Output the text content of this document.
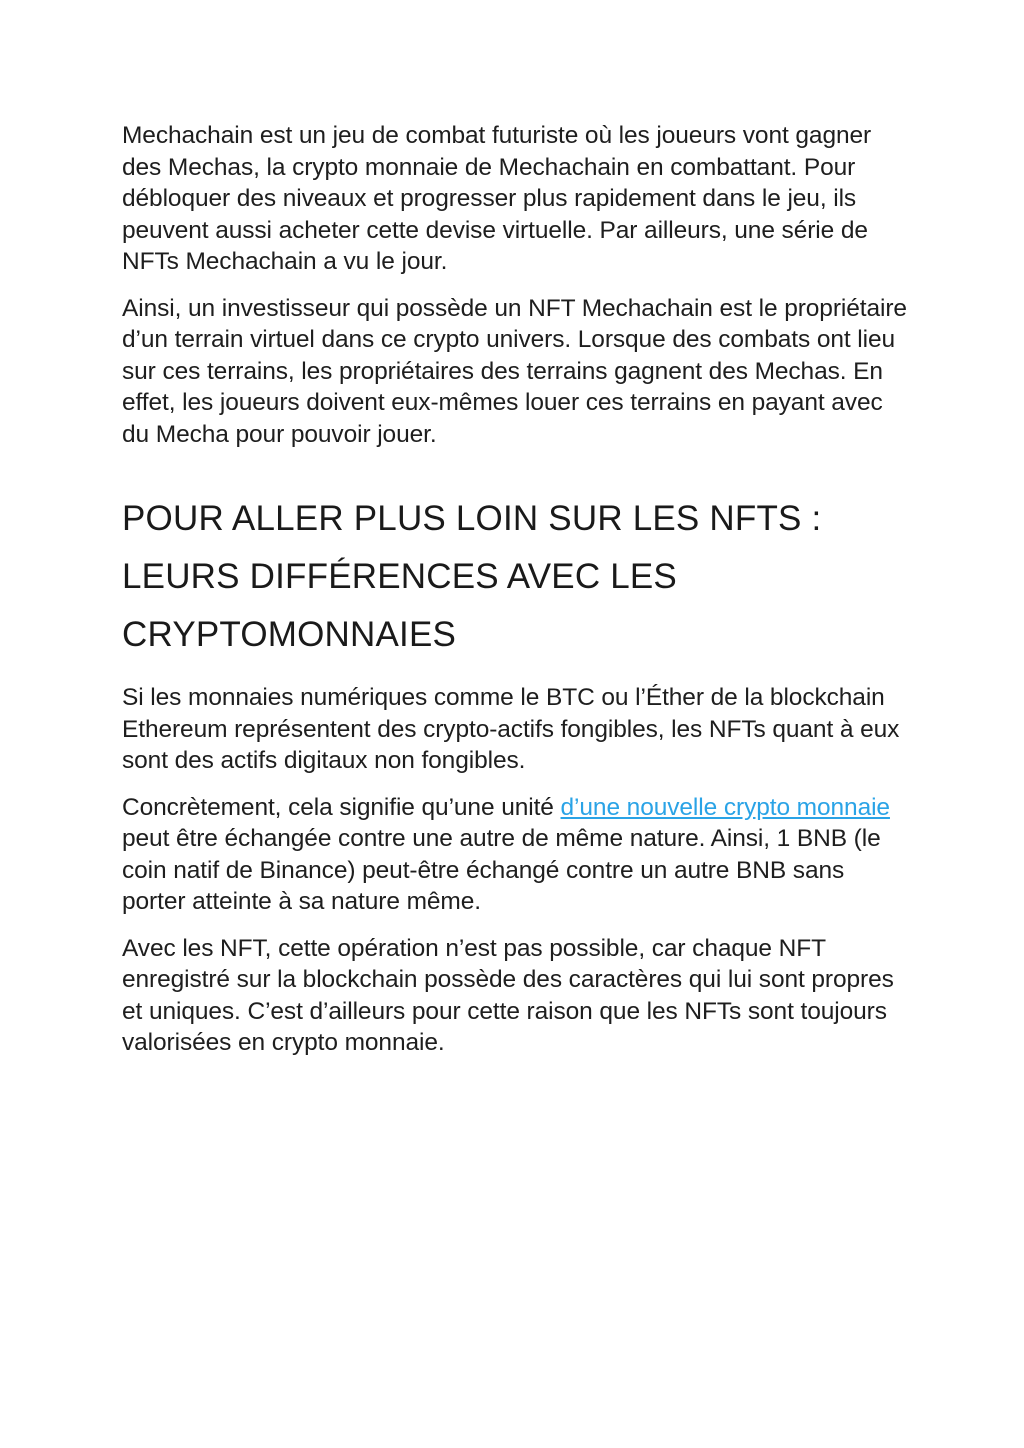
Mechachain est un jeu de combat futuriste où les joueurs vont gagner des Mechas, la crypto monnaie de Mechachain en combattant. Pour débloquer des niveaux et progresser plus rapidement dans le jeu, ils peuvent aussi acheter cette devise virtuelle. Par ailleurs, une série de NFTs Mechachain a vu le jour.

Ainsi, un investisseur qui possède un NFT Mechachain est le propriétaire d’un terrain virtuel dans ce crypto univers. Lorsque des combats ont lieu sur ces terrains, les propriétaires des terrains gagnent des Mechas. En effet, les joueurs doivent eux-mêmes louer ces terrains en payant avec du Mecha pour pouvoir jouer.

POUR ALLER PLUS LOIN SUR LES NFTS : LEURS DIFFÉRENCES AVEC LES CRYPTOMONNAIES

Si les monnaies numériques comme le BTC ou l’Éther de la blockchain Ethereum représentent des crypto-actifs fongibles, les NFTs quant à eux sont des actifs digitaux non fongibles.

Concrètement, cela signifie qu’une unité d’une nouvelle crypto monnaie peut être échangée contre une autre de même nature. Ainsi, 1 BNB (le coin natif de Binance) peut-être échangé contre un autre BNB sans porter atteinte à sa nature même.

Avec les NFT, cette opération n’est pas possible, car chaque NFT enregistré sur la blockchain possède des caractères qui lui sont propres et uniques. C’est d’ailleurs pour cette raison que les NFTs sont toujours valorisées en crypto monnaie.
